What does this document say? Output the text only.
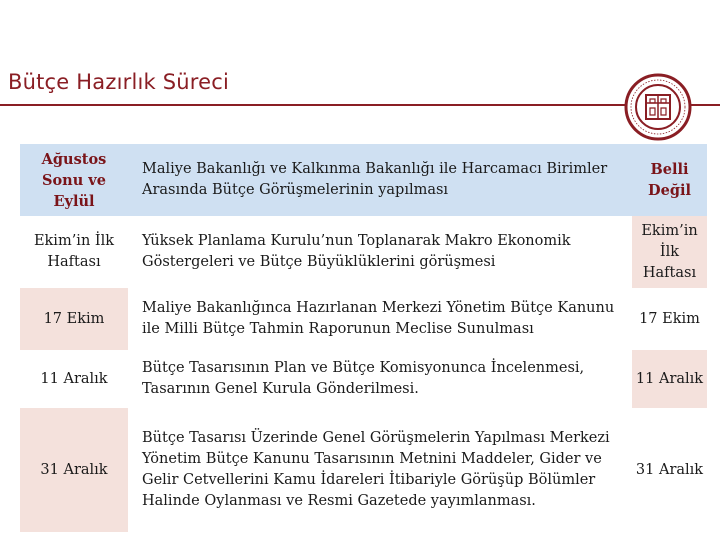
Bütçe Hazırlık Süreci
Ağustos Sonu ve Eylül
Maliye Bakanlığı ve Kalkınma Bakanlığı ile Harcamacı Birimler Arasında Bütçe Görüşmelerinin yapılması
Belli Değil
Ekim’in İlk Haftası
Yüksek Planlama Kurulu’nun Toplanarak Makro Ekonomik Göstergeleri ve Bütçe Büyüklüklerini görüşmesi
Ekim’in İlk Haftası
17 Ekim
Maliye Bakanlığınca Hazırlanan Merkezi Yönetim Bütçe Kanunu ile Milli Bütçe Tahmin Raporunun Meclise Sunulması
17 Ekim
11 Aralık
Bütçe Tasarısının Plan ve Bütçe Komisyonunca İncelenmesi, Tasarının Genel Kurula Gönderilmesi.
11 Aralık
31 Aralık
Bütçe Tasarısı Üzerinde Genel Görüşmelerin Yapılması Merkezi Yönetim Bütçe Kanunu Tasarısının Metnini Maddeler, Gider ve Gelir Cetvellerini Kamu İdareleri İtibariyle Görüşüp Bölümler Halinde Oylanması ve Resmi Gazetede yayımlanması.
31 Aralık
